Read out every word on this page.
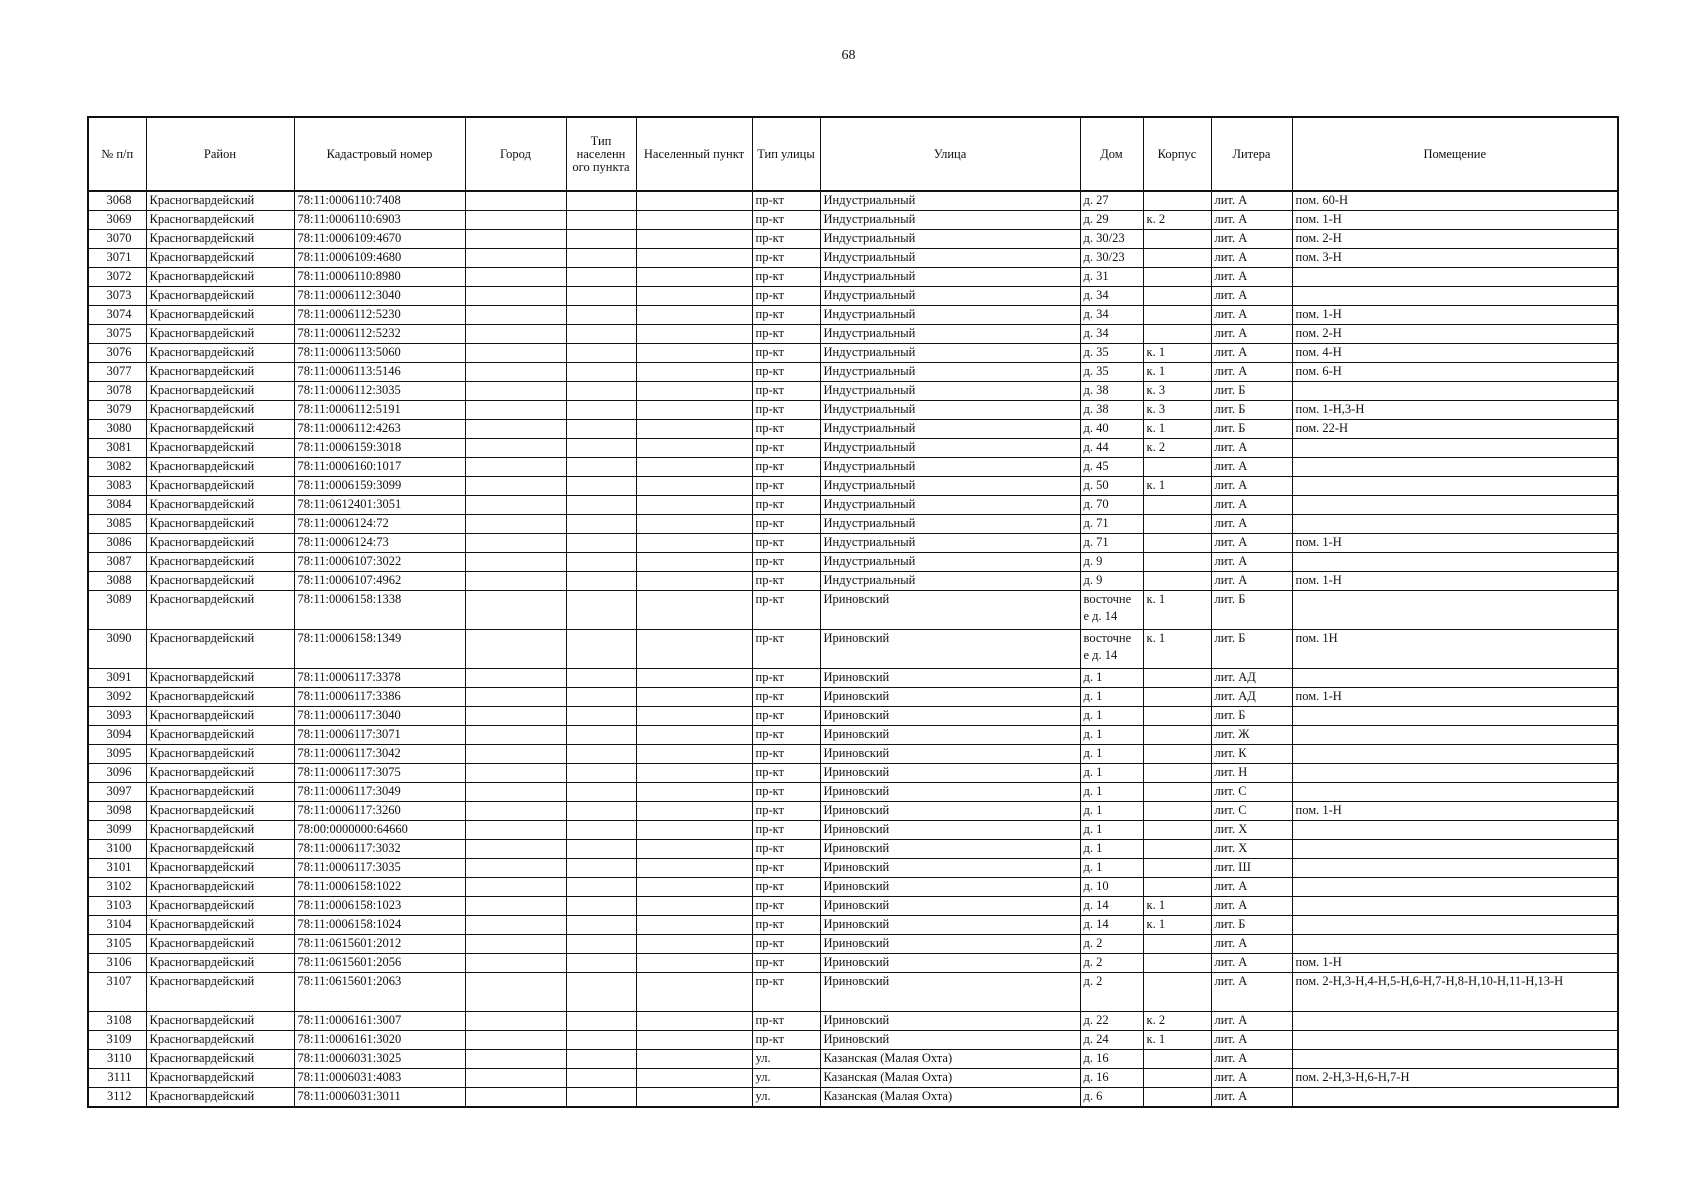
68
№ п/п	Район	Кадастровый номер	Город	Тип населенн ого пункта	Населенный пункт	Тип улицы	Улица	Дом	Корпус	Литера	Помещение
3068	Красногвардейский	78:11:0006110:7408				пр-кт	Индустриальный	д. 27		лит. А	пом. 60-Н
3069	Красногвардейский	78:11:0006110:6903				пр-кт	Индустриальный	д. 29	к. 2	лит. А	пом. 1-Н
3070	Красногвардейский	78:11:0006109:4670				пр-кт	Индустриальный	д. 30/23		лит. А	пом. 2-Н
3071	Красногвардейский	78:11:0006109:4680				пр-кт	Индустриальный	д. 30/23		лит. А	пом. 3-Н
3072	Красногвардейский	78:11:0006110:8980				пр-кт	Индустриальный	д. 31		лит. А	
3073	Красногвардейский	78:11:0006112:3040				пр-кт	Индустриальный	д. 34		лит. А	
3074	Красногвардейский	78:11:0006112:5230				пр-кт	Индустриальный	д. 34		лит. А	пом. 1-Н
3075	Красногвардейский	78:11:0006112:5232				пр-кт	Индустриальный	д. 34		лит. А	пом. 2-Н
3076	Красногвардейский	78:11:0006113:5060				пр-кт	Индустриальный	д. 35	к. 1	лит. А	пом. 4-Н
3077	Красногвардейский	78:11:0006113:5146				пр-кт	Индустриальный	д. 35	к. 1	лит. А	пом. 6-Н
3078	Красногвардейский	78:11:0006112:3035				пр-кт	Индустриальный	д. 38	к. 3	лит. Б	
3079	Красногвардейский	78:11:0006112:5191				пр-кт	Индустриальный	д. 38	к. 3	лит. Б	пом. 1-Н,3-Н
3080	Красногвардейский	78:11:0006112:4263				пр-кт	Индустриальный	д. 40	к. 1	лит. Б	пом. 22-Н
3081	Красногвардейский	78:11:0006159:3018				пр-кт	Индустриальный	д. 44	к. 2	лит. А	
3082	Красногвардейский	78:11:0006160:1017				пр-кт	Индустриальный	д. 45		лит. А	
3083	Красногвардейский	78:11:0006159:3099				пр-кт	Индустриальный	д. 50	к. 1	лит. А	
3084	Красногвардейский	78:11:0612401:3051				пр-кт	Индустриальный	д. 70		лит. А	
3085	Красногвардейский	78:11:0006124:72				пр-кт	Индустриальный	д. 71		лит. А	
3086	Красногвардейский	78:11:0006124:73				пр-кт	Индустриальный	д. 71		лит. А	пом. 1-Н
3087	Красногвардейский	78:11:0006107:3022				пр-кт	Индустриальный	д. 9		лит. А	
3088	Красногвардейский	78:11:0006107:4962				пр-кт	Индустриальный	д. 9		лит. А	пом. 1-Н
3089	Красногвардейский	78:11:0006158:1338				пр-кт	Ириновский	восточне е д. 14	к. 1	лит. Б	
3090	Красногвардейский	78:11:0006158:1349				пр-кт	Ириновский	восточне е д. 14	к. 1	лит. Б	пом. 1Н
3091	Красногвардейский	78:11:0006117:3378				пр-кт	Ириновский	д. 1		лит. АД	
3092	Красногвардейский	78:11:0006117:3386				пр-кт	Ириновский	д. 1		лит. АД	пом. 1-Н
3093	Красногвардейский	78:11:0006117:3040				пр-кт	Ириновский	д. 1		лит. Б	
3094	Красногвардейский	78:11:0006117:3071				пр-кт	Ириновский	д. 1		лит. Ж	
3095	Красногвардейский	78:11:0006117:3042				пр-кт	Ириновский	д. 1		лит. К	
3096	Красногвардейский	78:11:0006117:3075				пр-кт	Ириновский	д. 1		лит. Н	
3097	Красногвардейский	78:11:0006117:3049				пр-кт	Ириновский	д. 1		лит. С	
3098	Красногвардейский	78:11:0006117:3260				пр-кт	Ириновский	д. 1		лит. С	пом. 1-Н
3099	Красногвардейский	78:00:0000000:64660				пр-кт	Ириновский	д. 1		лит. Х	
3100	Красногвардейский	78:11:0006117:3032				пр-кт	Ириновский	д. 1		лит. Х	
3101	Красногвардейский	78:11:0006117:3035				пр-кт	Ириновский	д. 1		лит. Ш	
3102	Красногвардейский	78:11:0006158:1022				пр-кт	Ириновский	д. 10		лит. А	
3103	Красногвардейский	78:11:0006158:1023				пр-кт	Ириновский	д. 14	к. 1	лит. А	
3104	Красногвардейский	78:11:0006158:1024				пр-кт	Ириновский	д. 14	к. 1	лит. Б	
3105	Красногвардейский	78:11:0615601:2012				пр-кт	Ириновский	д. 2		лит. А	
3106	Красногвардейский	78:11:0615601:2056				пр-кт	Ириновский	д. 2		лит. А	пом. 1-Н
3107	Красногвардейский	78:11:0615601:2063				пр-кт	Ириновский	д. 2		лит. А	пом. 2-Н,3-Н,4-Н,5-Н,6-Н,7-Н,8-Н,10-Н,11-Н,13-Н
3108	Красногвардейский	78:11:0006161:3007				пр-кт	Ириновский	д. 22	к. 2	лит. А	
3109	Красногвардейский	78:11:0006161:3020				пр-кт	Ириновский	д. 24	к. 1	лит. А	
3110	Красногвардейский	78:11:0006031:3025				ул.	Казанская (Малая Охта)	д. 16		лит. А	
3111	Красногвардейский	78:11:0006031:4083				ул.	Казанская (Малая Охта)	д. 16		лит. А	пом. 2-Н,3-Н,6-Н,7-Н
3112	Красногвардейский	78:11:0006031:3011				ул.	Казанская (Малая Охта)	д. 6		лит. А	
